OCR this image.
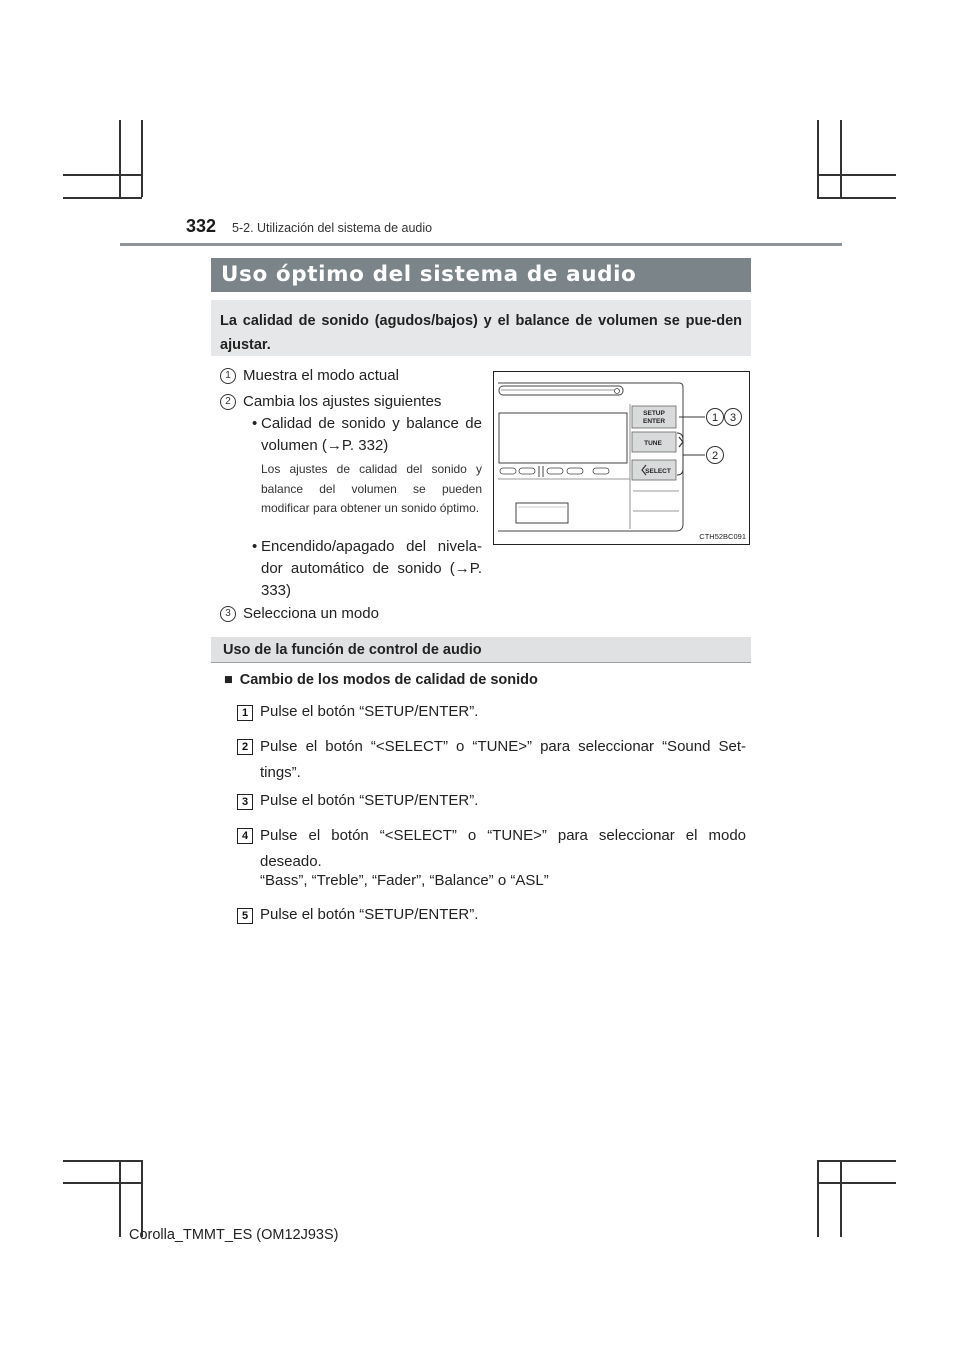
332 5-2. Utilización del sistema de audio
Uso óptimo del sistema de audio
La calidad de sonido (agudos/bajos) y el balance de volumen se pue-den ajustar.
1 Muestra el modo actual
2 Cambia los ajustes siguientes
• Calidad de sonido y balance de volumen (→P. 332)
Los ajustes de calidad del sonido y balance del volumen se pueden modificar para obtener un sonido óptimo.
• Encendido/apagado del nivela-dor automático de sonido (→P. 333)
3 Selecciona un modo
SETUP
ENTER
TUNE
SELECT
1 3
2
CTH52BC091
Uso de la función de control de audio
■ Cambio de los modos de calidad de sonido
1 Pulse el botón “SETUP/ENTER”.
2 Pulse el botón “<SELECT” o “TUNE>” para seleccionar “Sound Set-tings”.
3 Pulse el botón “SETUP/ENTER”.
4 Pulse el botón “<SELECT” o “TUNE>” para seleccionar el modo deseado.
“Bass”, “Treble”, “Fader”, “Balance” o “ASL”
5 Pulse el botón “SETUP/ENTER”.
Corolla_TMMT_ES (OM12J93S)
